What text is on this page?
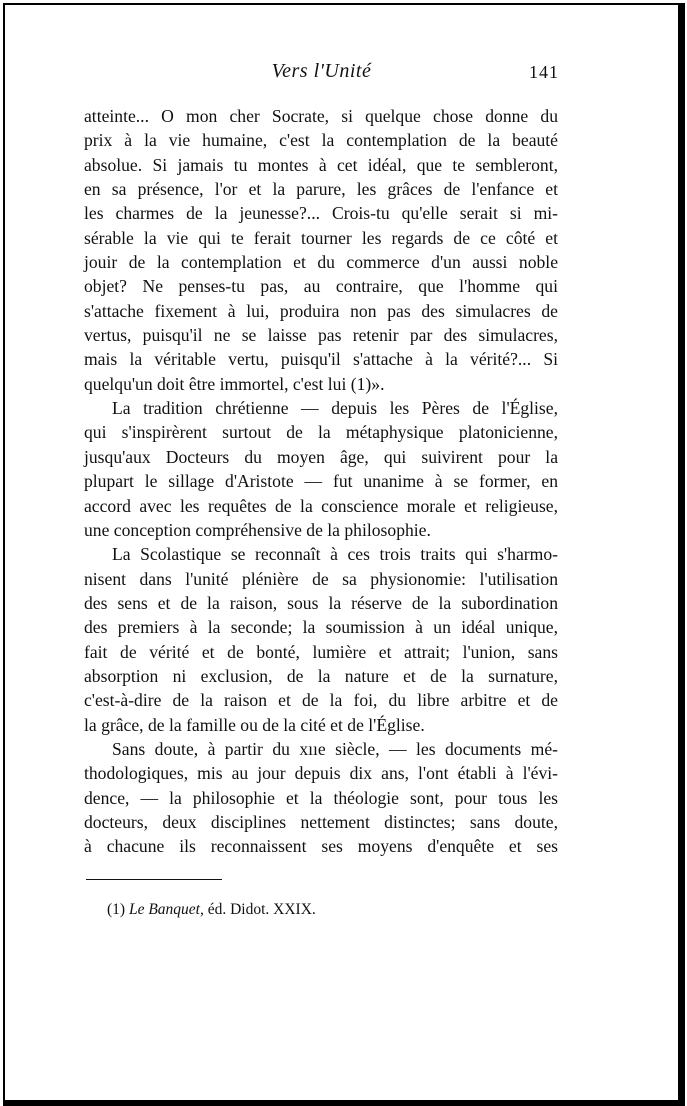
Vers l'Unité	141
atteinte... O mon cher Socrate, si quelque chose donne du
prix à la vie humaine, c'est la contemplation de la beauté
absolue. Si jamais tu montes à cet idéal, que te sembleront,
en sa présence, l'or et la parure, les grâces de l'enfance et
les charmes de la jeunesse?... Crois-tu qu'elle serait si mi-
sérable la vie qui te ferait tourner les regards de ce côté et
jouir de la contemplation et du commerce d'un aussi noble
objet? Ne penses-tu pas, au contraire, que l'homme qui
s'attache fixement à lui, produira non pas des simulacres de
vertus, puisqu'il ne se laisse pas retenir par des simulacres,
mais la véritable vertu, puisqu'il s'attache à la vérité?... Si
quelqu'un doit être immortel, c'est lui (1)».
La tradition chrétienne — depuis les Pères de l'Église,
qui s'inspirèrent surtout de la métaphysique platonicienne,
jusqu'aux Docteurs du moyen âge, qui suivirent pour la
plupart le sillage d'Aristote — fut unanime à se former, en
accord avec les requêtes de la conscience morale et religieuse,
une conception compréhensive de la philosophie.
La Scolastique se reconnaît à ces trois traits qui s'harmo-
nisent dans l'unité plénière de sa physionomie: l'utilisation
des sens et de la raison, sous la réserve de la subordination
des premiers à la seconde; la soumission à un idéal unique,
fait de vérité et de bonté, lumière et attrait; l'union, sans
absorption ni exclusion, de la nature et de la surnature,
c'est-à-dire de la raison et de la foi, du libre arbitre et de
la grâce, de la famille ou de la cité et de l'Église.
Sans doute, à partir du xııe siècle, — les documents mé-
thodologiques, mis au jour depuis dix ans, l'ont établi à l'évi-
dence, — la philosophie et la théologie sont, pour tous les
docteurs, deux disciplines nettement distinctes; sans doute,
à chacune ils reconnaissent ses moyens d'enquête et ses
(1) Le Banquet, éd. Didot. XXIX.
